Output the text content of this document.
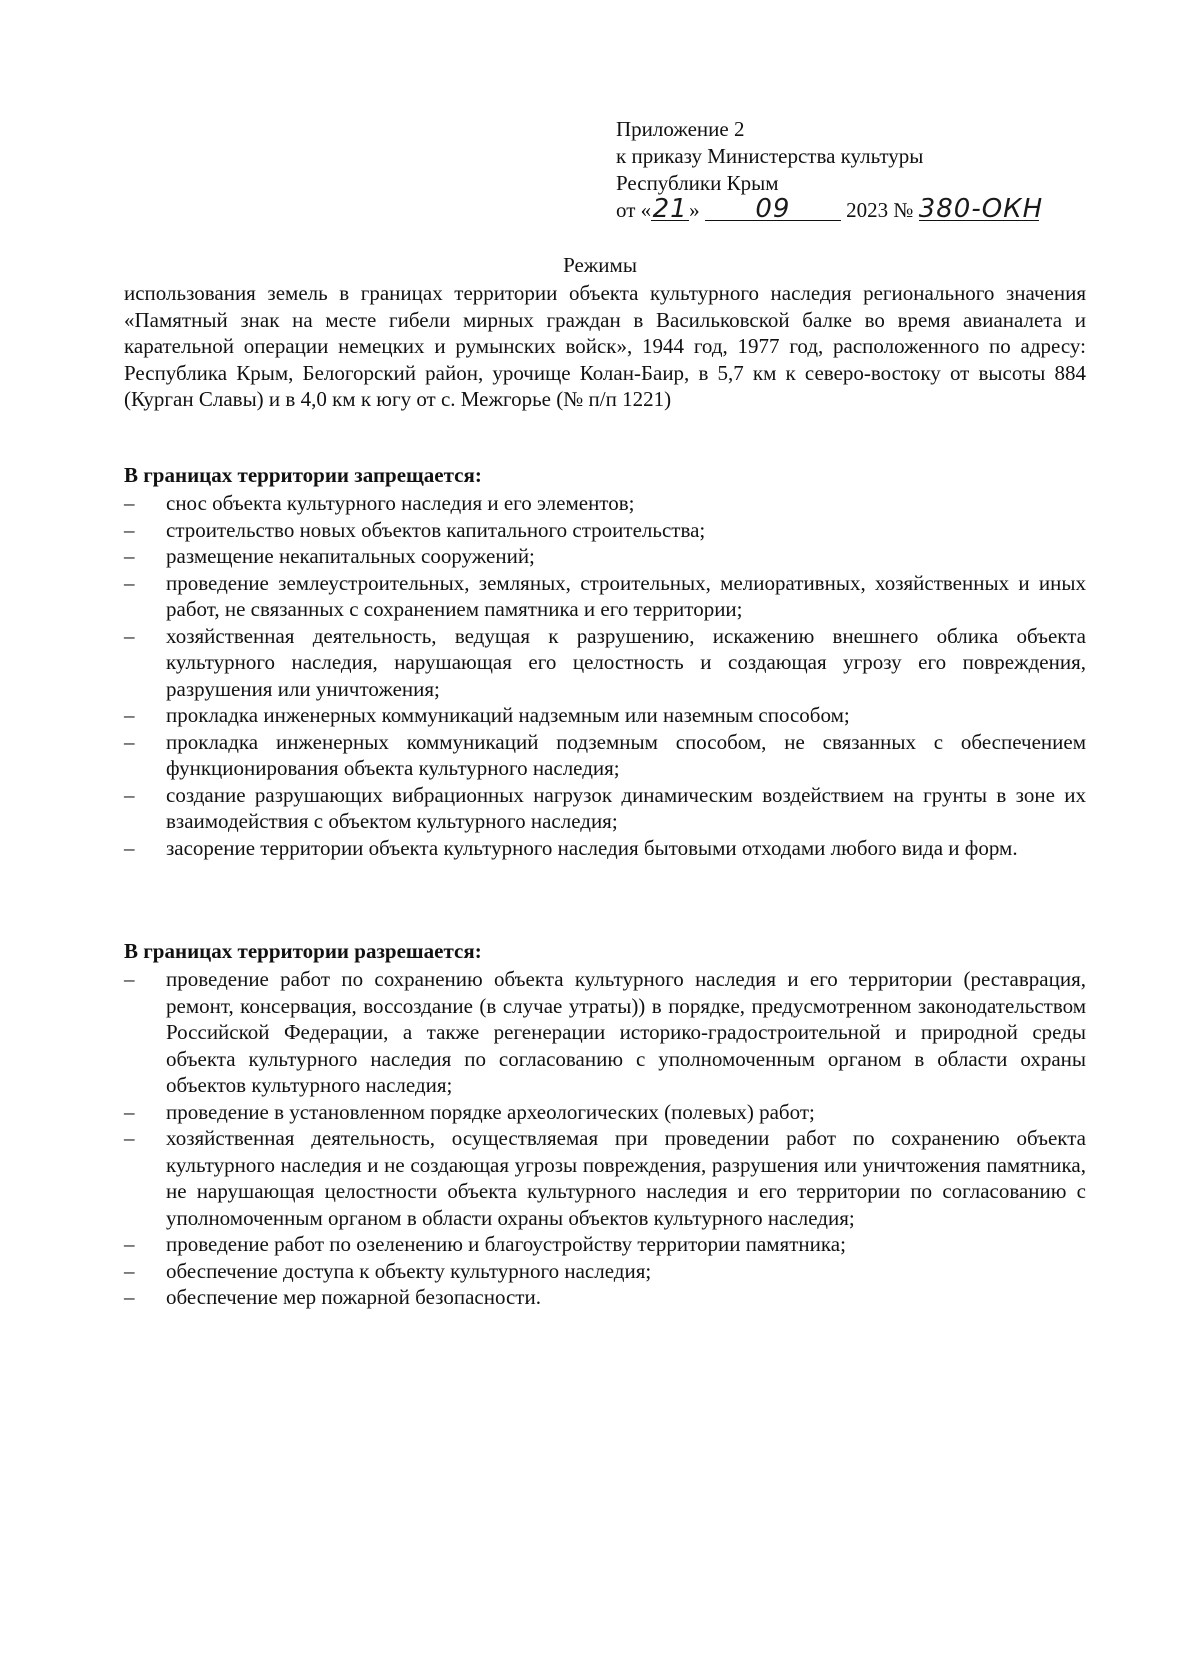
Приложение 2
к приказу Министерства культуры
Республики Крым
от «21» 09	2023 № 380-ОКН
Режимы
использования земель в границах территории объекта культурного наследия регионального значения «Памятный знак на месте гибели мирных граждан в Васильковской балке во время авианалета и карательной операции немецких и румынских войск», 1944 год, 1977 год, расположенного по адресу: Республика Крым, Белогорский район, урочище Колан-Баир, в 5,7 км к северо-востоку от высоты 884 (Курган Славы) и в 4,0 км к югу от с. Межгорье (№ п/п 1221)
В границах территории запрещается:
– снос объекта культурного наследия и его элементов;
– строительство новых объектов капитального строительства;
– размещение некапитальных сооружений;
– проведение землеустроительных, земляных, строительных, мелиоративных, хозяйственных и иных работ, не связанных с сохранением памятника и его территории;
– хозяйственная деятельность, ведущая к разрушению, искажению внешнего облика объекта культурного наследия, нарушающая его целостность и создающая угрозу его повреждения, разрушения или уничтожения;
– прокладка инженерных коммуникаций надземным или наземным способом;
– прокладка инженерных коммуникаций подземным способом, не связанных с обеспечением функционирования объекта культурного наследия;
– создание разрушающих вибрационных нагрузок динамическим воздействием на грунты в зоне их взаимодействия с объектом культурного наследия;
– засорение территории объекта культурного наследия бытовыми отходами любого вида и форм.
В границах территории разрешается:
– проведение работ по сохранению объекта культурного наследия и его территории (реставрация, ремонт, консервация, воссоздание (в случае утраты)) в порядке, предусмотренном законодательством Российской Федерации, а также регенерации историко-градостроительной и природной среды объекта культурного наследия по согласованию с уполномоченным органом в области охраны объектов культурного наследия;
– проведение в установленном порядке археологических (полевых) работ;
– хозяйственная деятельность, осуществляемая при проведении работ по сохранению объекта культурного наследия и не создающая угрозы повреждения, разрушения или уничтожения памятника, не нарушающая целостности объекта культурного наследия и его территории по согласованию с уполномоченным органом в области охраны объектов культурного наследия;
– проведение работ по озеленению и благоустройству территории памятника;
– обеспечение доступа к объекту культурного наследия;
– обеспечение мер пожарной безопасности.
